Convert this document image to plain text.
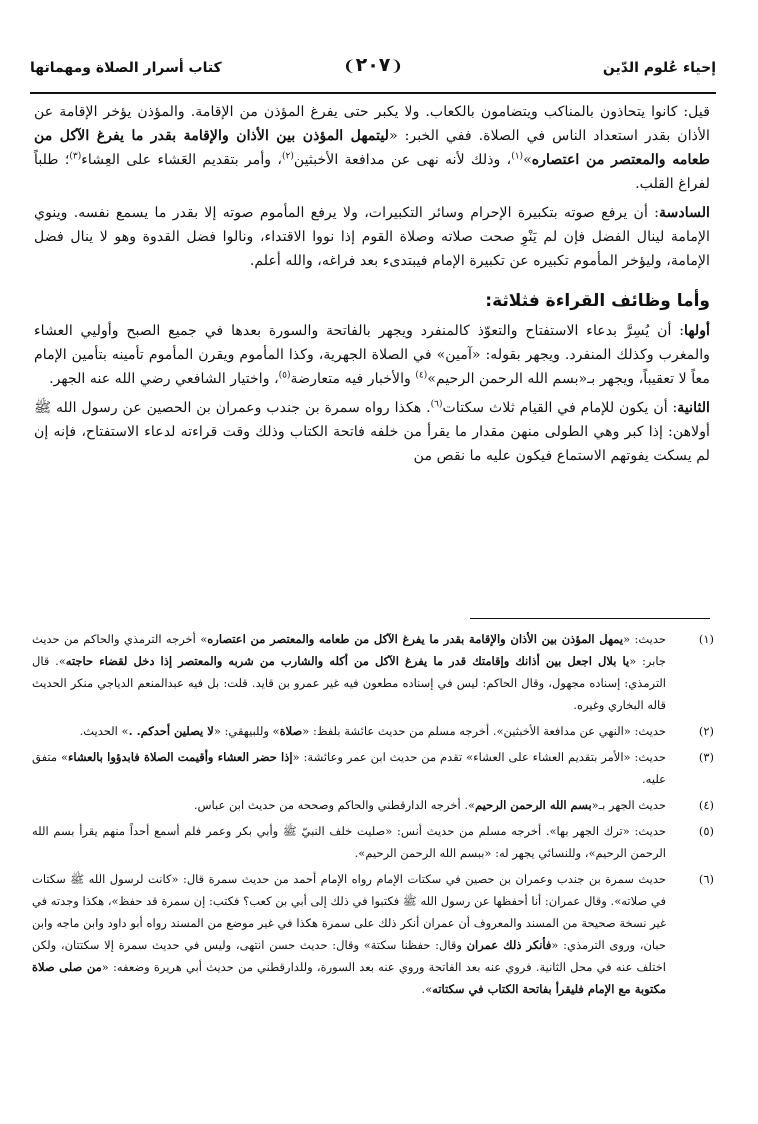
إحياء عُلوم الدّين
❨٢٠٧❩
كتاب أسرار الصلاة ومهماتها

قيل: كانوا يتحاذون بالمناكب ويتضامون بالكعاب. ولا يكبر حتى يفرغ المؤذن من الإقامة. والمؤذن يؤخر الإقامة عن الأذان بقدر استعداد الناس في الصلاة. ففي الخبر: «ليتمهل المؤذن بين الأذان والإقامة بقدر ما يفرغ الآكل من طعامه والمعتصر من اعتصاره»$^{(١)}$، وذلك لأنه نهى عن مدافعة الأخبثين$^{(٢)}$، وأمر بتقديم العَشاء على العِشاء$^{(٣)}$؛ طلباً لفراغ القلب.

السادسة: أن يرفع صوته بتكبيرة الإحرام وسائر التكبيرات، ولا يرفع المأموم صوته إلا بقدر ما يسمع نفسه. وينوي الإمامة لينال الفضل فإن لم يَنْوِ صحت صلاته وصلاة القوم إذا نووا الاقتداء، ونالوا فضل القدوة وهو لا ينال فضل الإمامة، وليؤخر المأموم تكبيره عن تكبيرة الإمام فيبتدىء بعد فراغه، والله أعلم.

وأما وظائف القراءة فثلاثة:

أولها: أن يُسِرَّ بدعاء الاستفتاح والتعوّذ كالمنفرد ويجهر بالفاتحة والسورة بعدها في جميع الصبح وأوليي العشاء والمغرب وكذلك المنفرد. ويجهر بقوله: «آمين» في الصلاة الجهرية، وكذا المأموم ويقرن المأموم تأمينه بتأمين الإمام معاً لا تعقيباً، ويجهر بـ«بسم الله الرحمن الرحيم»$^{(٤)}$ والأخبار فيه متعارضة$^{(٥)}$، واختيار الشافعي رضي الله عنه الجهر.

الثانية: أن يكون للإمام في القيام ثلاث سكتات$^{(٦)}$. هكذا رواه سمرة بن جندب وعمران بن الحصين عن رسول الله ﷺ أولاهن: إذا كبر وهي الطولى منهن مقدار ما يقرأ من خلفه فاتحة الكتاب وذلك وقت قراءته لدعاء الاستفتاح، فإنه إن لم يسكت يفوتهم الاستماع فيكون عليه ما نقص من

(١)
حديث: «يمهل المؤذن بين الأذان والإقامة بقدر ما يفرغ الآكل من طعامه والمعتصر من اعتصاره» أخرجه الترمذي والحاكم من حديث جابر: «يا بلال اجعل بين أذانك وإقامتك قدر ما يفرغ الآكل من أكله والشارب من شربه والمعتصر إذا دخل لقضاء حاجته». قال الترمذي: إسناده مجهول، وقال الحاكم: ليس في إسناده مطعون فيه غير عمرو بن قايد. قلت: بل فيه عبدالمنعم الدياجي منكر الحديث قاله البخاري وغيره.
(٢)
حديث: «النهي عن مدافعة الأخبثين». أخرجه مسلم من حديث عائشة بلفظ: «صلاة» وللبيهقي: «لا يصلين أحدكم. .» الحديث.
(٣)
حديث: «الأمر بتقديم العشاء على العشاء» تقدم من حديث ابن عمر وعائشة: «إذا حضر العشاء وأقيمت الصلاة فابدؤوا بالعشاء» متفق عليه.
(٤)
حديث الجهر بـ«بسم الله الرحمن الرحيم». أخرجه الدارقطني والحاكم وصححه من حديث ابن عباس.
(٥)
حديث: «ترك الجهر بها». أخرجه مسلم من حديث أنس: «صليت خلف النبيّ ﷺ وأبي بكر وعمر فلم أسمع أحداً منهم يقرأ بسم الله الرحمن الرحيم»، وللنسائي يجهر له: «ببسم الله الرحمن الرحيم».
(٦)
حديث سمرة بن جندب وعمران بن حصين في سكتات الإمام رواه الإمام أحمد من حديث سمرة قال: «كانت لرسول الله ﷺ سكتات في صلاته». وقال عمران: أنا أحفظها عن رسول الله ﷺ فكتبوا في ذلك إلى أبي بن كعب؟ فكتب: إن سمرة قد حفظ»، هكذا وجدته في غير نسخة صحيحة من المسند والمعروف أن عمران أنكر ذلك على سمرة هكذا في غير موضع من المسند رواه أبو داود وابن ماجه وابن حبان، وروى الترمذي: «فأنكر ذلك عمران وقال: حفظنا سكتة» وقال: حديث حسن انتهى، وليس في حديث سمرة إلا سكتتان، ولكن اختلف عنه في محل الثانية. فروي عنه بعد الفاتحة وروي عنه بعد السورة، وللدارقطني من حديث أبي هريرة وضعفه: «من صلى صلاة مكتوبة مع الإمام فليقرأ بفاتحة الكتاب في سكتاته».
